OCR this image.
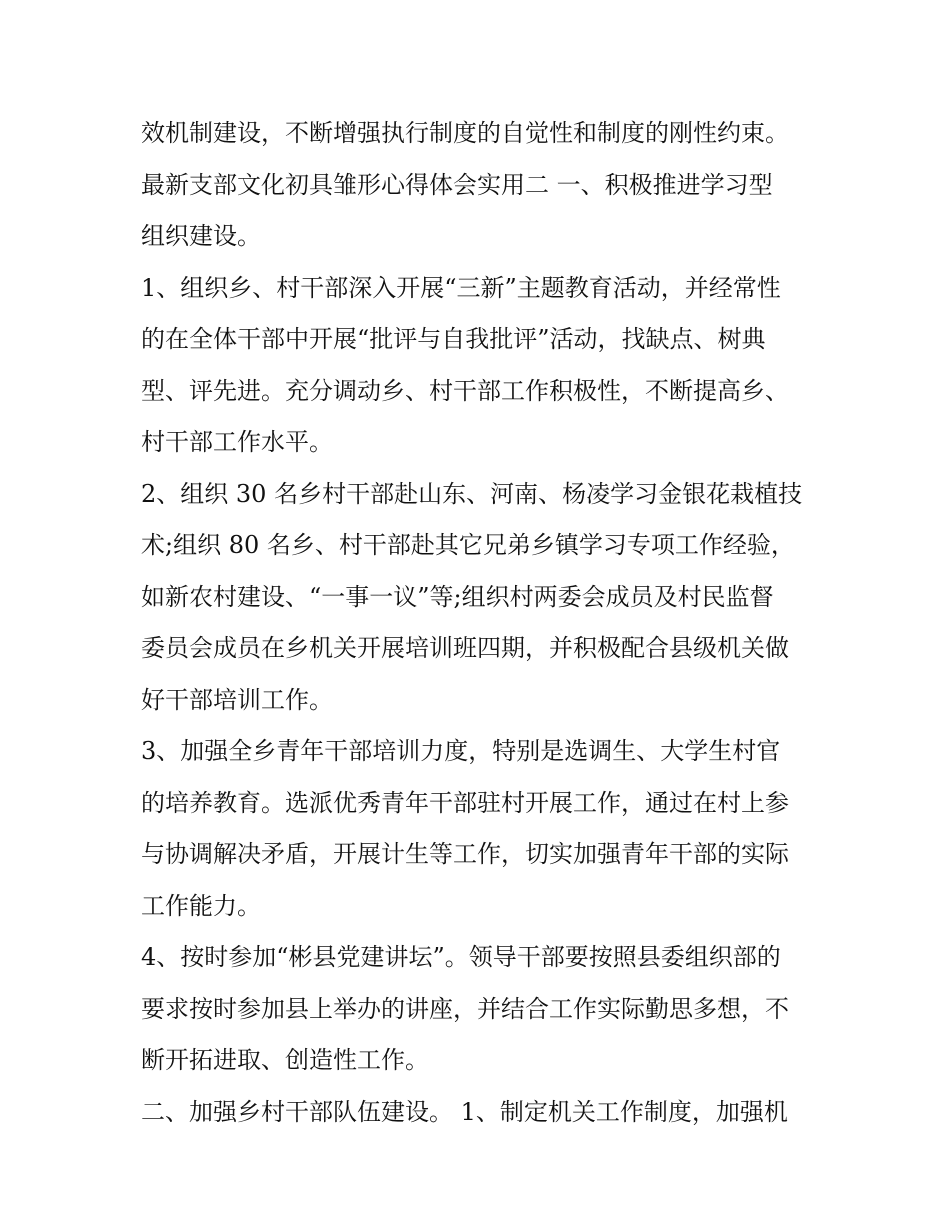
效机制建设，不断增强执行制度的自觉性和制度的刚性约束。

最新支部文化初具雏形心得体会实用二 一、积极推进学习型
组织建设。

1、组织乡、村干部深入开展“三新”主题教育活动，并经常性
的在全体干部中开展“批评与自我批评”活动，找缺点、树典
型、评先进。充分调动乡、村干部工作积极性，不断提高乡、
村干部工作水平。

2、组织 30 名乡村干部赴山东、河南、杨凌学习金银花栽植技
术;组织 80 名乡、村干部赴其它兄弟乡镇学习专项工作经验，
如新农村建设、“一事一议”等;组织村两委会成员及村民监督
委员会成员在乡机关开展培训班四期，并积极配合县级机关做
好干部培训工作。

3、加强全乡青年干部培训力度，特别是选调生、大学生村官
的培养教育。选派优秀青年干部驻村开展工作，通过在村上参
与协调解决矛盾，开展计生等工作，切实加强青年干部的实际
工作能力。

4、按时参加“彬县党建讲坛”。领导干部要按照县委组织部的
要求按时参加县上举办的讲座，并结合工作实际勤思多想，不
断开拓进取、创造性工作。

二、加强乡村干部队伍建设。 1、制定机关工作制度，加强机
